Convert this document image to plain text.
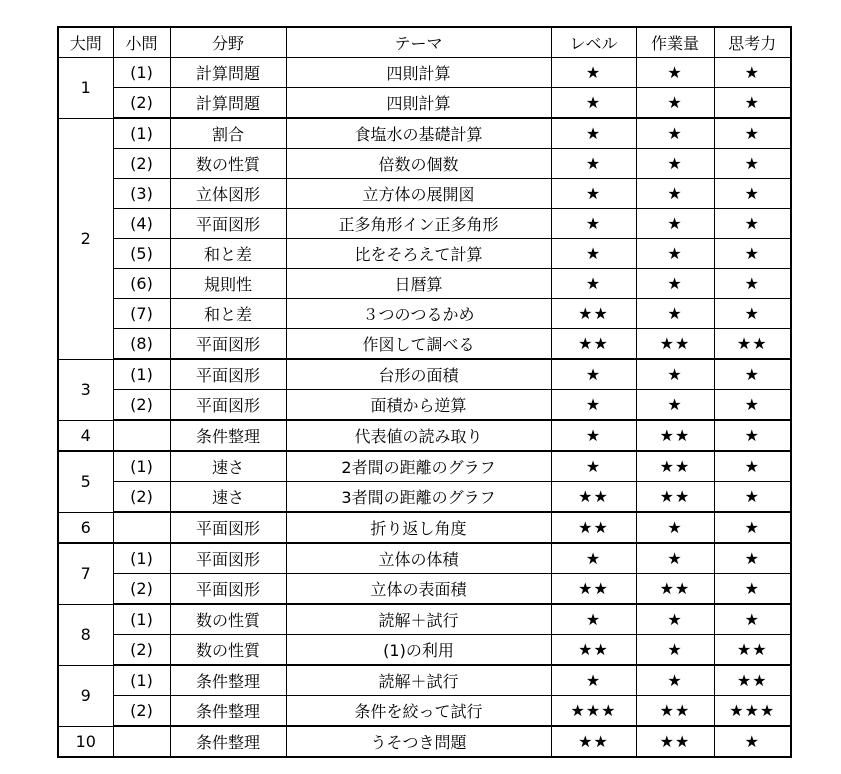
大問	小問	分野	テーマ	レベル	作業量	思考力
1	(1)	計算問題	四則計算	★	★	★
	(2)	計算問題	四則計算	★	★	★
2	(1)	割合	食塩水の基礎計算	★	★	★
	(2)	数の性質	倍数の個数	★	★	★
	(3)	立体図形	立方体の展開図	★	★	★
	(4)	平面図形	正多角形イン正多角形	★	★	★
	(5)	和と差	比をそろえて計算	★	★	★
	(6)	規則性	日暦算	★	★	★
	(7)	和と差	３つのつるかめ	★★	★	★
	(8)	平面図形	作図して調べる	★★	★★	★★
3	(1)	平面図形	台形の面積	★	★	★
	(2)	平面図形	面積から逆算	★	★	★
4		条件整理	代表値の読み取り	★	★★	★
5	(1)	速さ	2者間の距離のグラフ	★	★★	★
	(2)	速さ	3者間の距離のグラフ	★★	★★	★
6		平面図形	折り返し角度	★★	★	★
7	(1)	平面図形	立体の体積	★	★	★
	(2)	平面図形	立体の表面積	★★	★★	★
8	(1)	数の性質	読解＋試行	★	★	★
	(2)	数の性質	(1)の利用	★★	★	★★
9	(1)	条件整理	読解＋試行	★	★	★★
	(2)	条件整理	条件を絞って試行	★★★	★★	★★★
10		条件整理	うそつき問題	★★	★★	★
